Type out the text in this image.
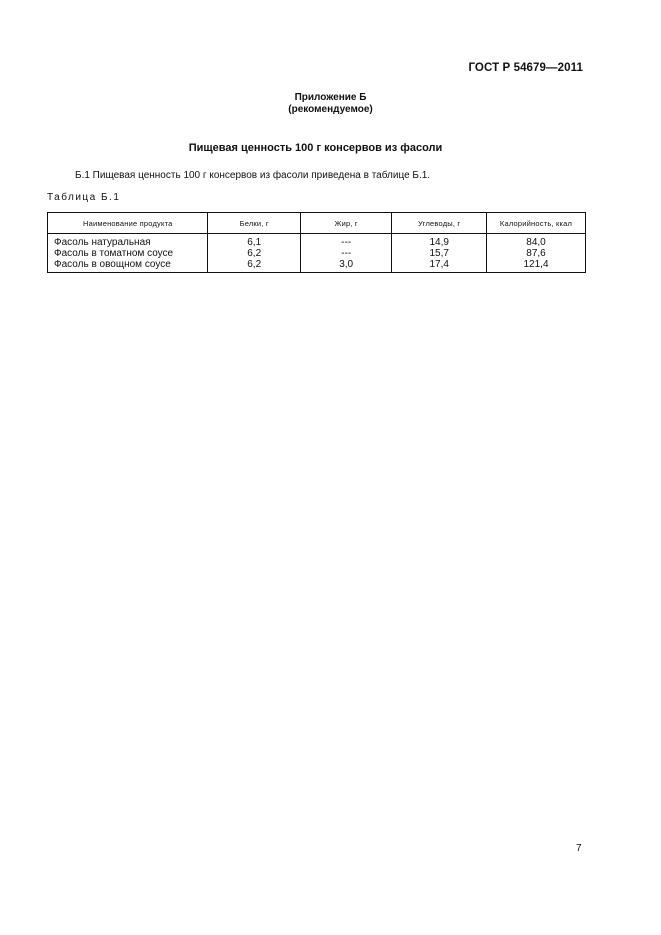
ГОСТ Р 54679—2011
Приложение Б
(рекомендуемое)
Пищевая ценность 100 г консервов из фасоли
Б.1 Пищевая ценность 100 г консервов из фасоли приведена в таблице Б.1.
Таблица Б.1
Наименование продукта	Белки, г	Жир, г	Углеводы, г	Калорийность, ккал
Фасоль натуральная	6,1	---	14,9	84,0
Фасоль в томатном соусе	6,2	---	15,7	87,6
Фасоль в овощном соусе	6,2	3,0	17,4	121,4
7
